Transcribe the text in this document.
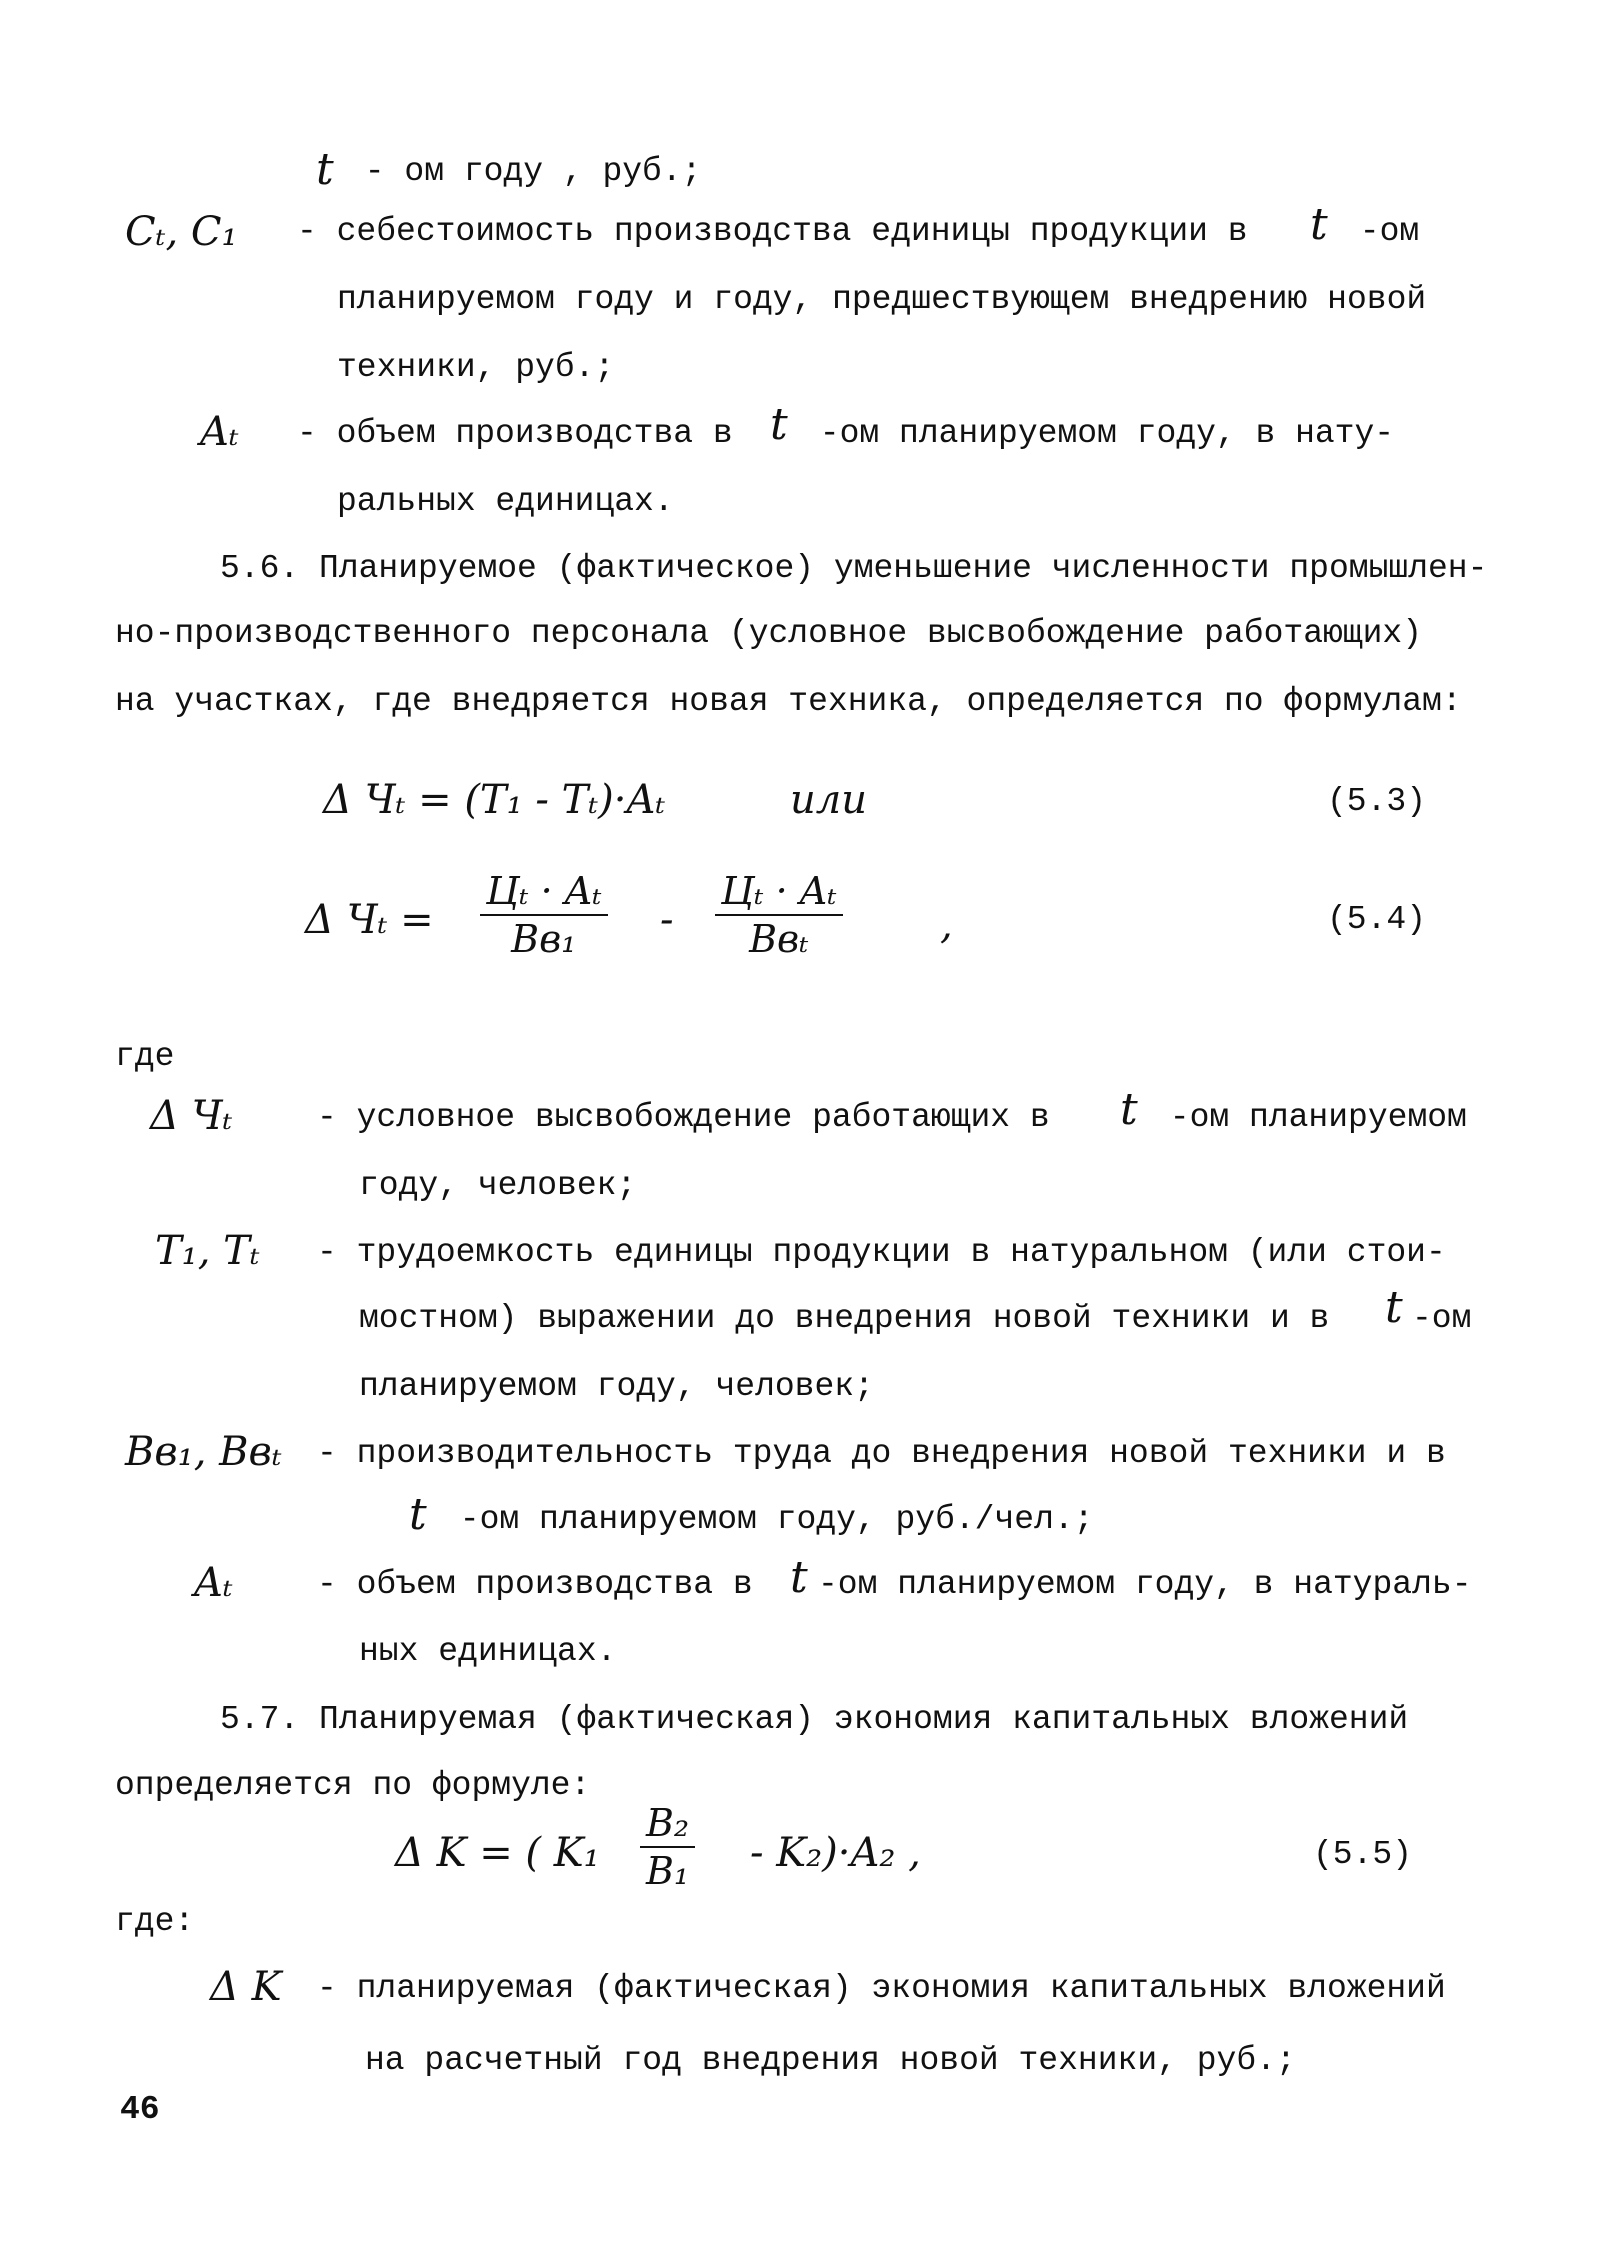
t - ом году , руб.;
Cₜ, C₁ - себестоимость производства единицы продукции в t -ом
планируемом году и году, предшествующем внедрению новой
техники, руб.;
Aₜ - объем производства в t -ом планируемом году, в нату-
ральных единицах.
5.6. Планируемое (фактическое) уменьшение численности промышлен-
но-производственного персонала (условное высвобождение работающих)
на участках, где внедряется новая техника, определяется по формулам:
Δ Чₜ = (T₁ - Tₜ)·Aₜ	или	(5.3)
Δ Чₜ =
Цₜ · Aₜ
Bв₁ -
Цₜ · Aₜ
Bвₜ	,	(5.4)
где
Δ Чₜ	- условное высвобождение работающих в t -ом планируемом
году, человек;
T₁, Tₜ - трудоемкость единицы продукции в натуральном (или стои-
мостном) выражении до внедрения новой техники и в t -ом
планируемом году, человек;
Bв₁, Bвₜ - производительность труда до внедрения новой техники и в
t -ом планируемом году, руб./чел.;
Aₜ	- объем производства в t -ом планируемом году, в натураль-
ных единицах.
5.7. Планируемая (фактическая) экономия капитальных вложений
определяется по формуле:
Δ K = ( $K_1 \frac{\text{B₂}}{\text{B₁}} - K_2)\cdot A_2$ ,	(5.5)
где:
Δ K - планируемая (фактическая) экономия капитальных вложений
на расчетный год внедрения новой техники, руб.;
46
